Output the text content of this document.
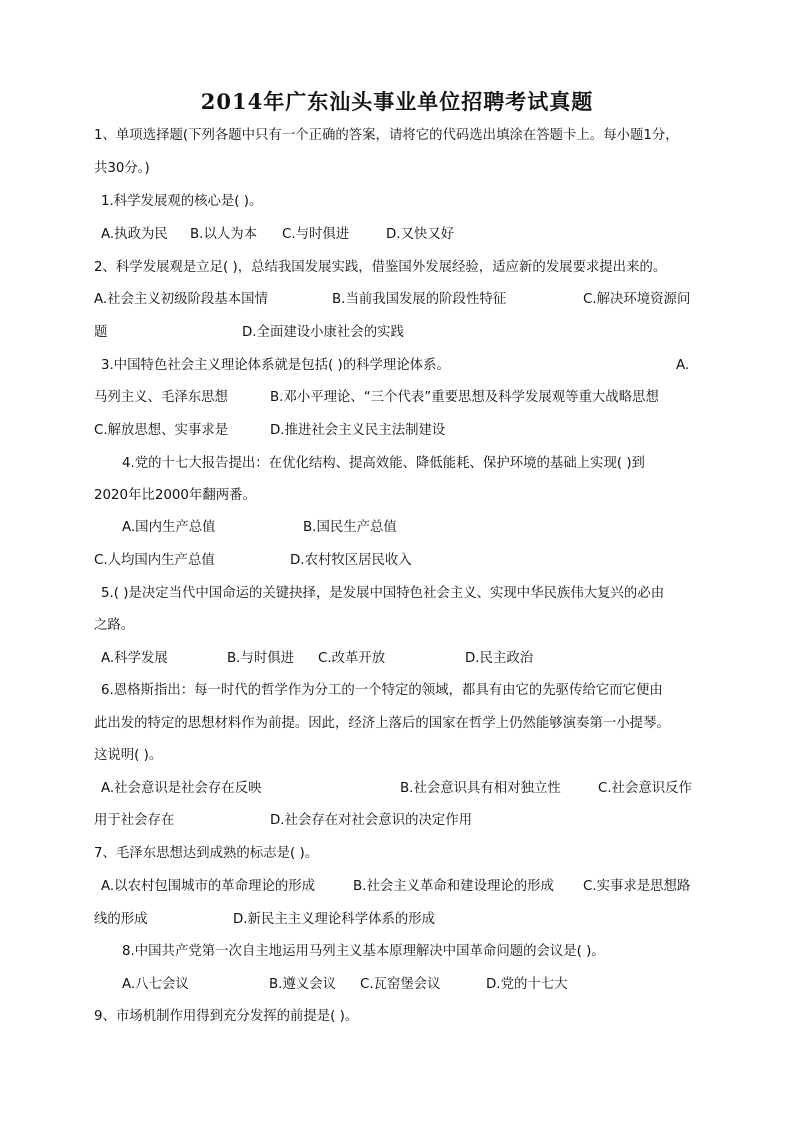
2014年广东汕头事业单位招聘考试真题
1、单项选择题(下列各题中只有一个正确的答案，请将它的代码选出填涂在答题卡上。每小题1分，
共30分。)
1.科学发展观的核心是( )。
A.执政为民 B.以人为本 C.与时俱进	D.又快又好
2、科学发展观是立足( )，总结我国发展实践，借鉴国外发展经验，适应新的发展要求提出来的。
A.社会主义初级阶段基本国情	B.当前我国发展的阶段性特征	C.解决环境资源问
题	D.全面建设小康社会的实践
3.中国特色社会主义理论体系就是包括( )的科学理论体系。	A.
马列主义、毛泽东思想	B.邓小平理论、“三个代表”重要思想及科学发展观等重大战略思想
C.解放思想、实事求是	D.推进社会主义民主法制建设
4.党的十七大报告提出：在优化结构、提高效能、降低能耗、保护环境的基础上实现( )到
2020年比2000年翻两番。
A.国内生产总值	B.国民生产总值
C.人均国内生产总值	D.农村牧区居民收入
5.( )是决定当代中国命运的关键抉择，是发展中国特色社会主义、实现中华民族伟大复兴的必由
之路。
A.科学发展	B.与时俱进 C.改革开放	D.民主政治
6.恩格斯指出：每一时代的哲学作为分工的一个特定的领域，都具有由它的先驱传给它而它便由
此出发的特定的思想材料作为前提。因此，经济上落后的国家在哲学上仍然能够演奏第一小提琴。
这说明( )。
A.社会意识是社会存在反映	B.社会意识具有相对独立性	C.社会意识反作
用于社会存在	D.社会存在对社会意识的决定作用
7、毛泽东思想达到成熟的标志是( )。
A.以农村包围城市的革命理论的形成	B.社会主义革命和建设理论的形成 C.实事求是思想路
线的形成	D.新民主主义理论科学体系的形成
8.中国共产党第一次自主地运用马列主义基本原理解决中国革命问题的会议是( )。
A.八七会议	B.遵义会议 C.瓦窑堡会议	D.党的十七大
9、市场机制作用得到充分发挥的前提是( )。
